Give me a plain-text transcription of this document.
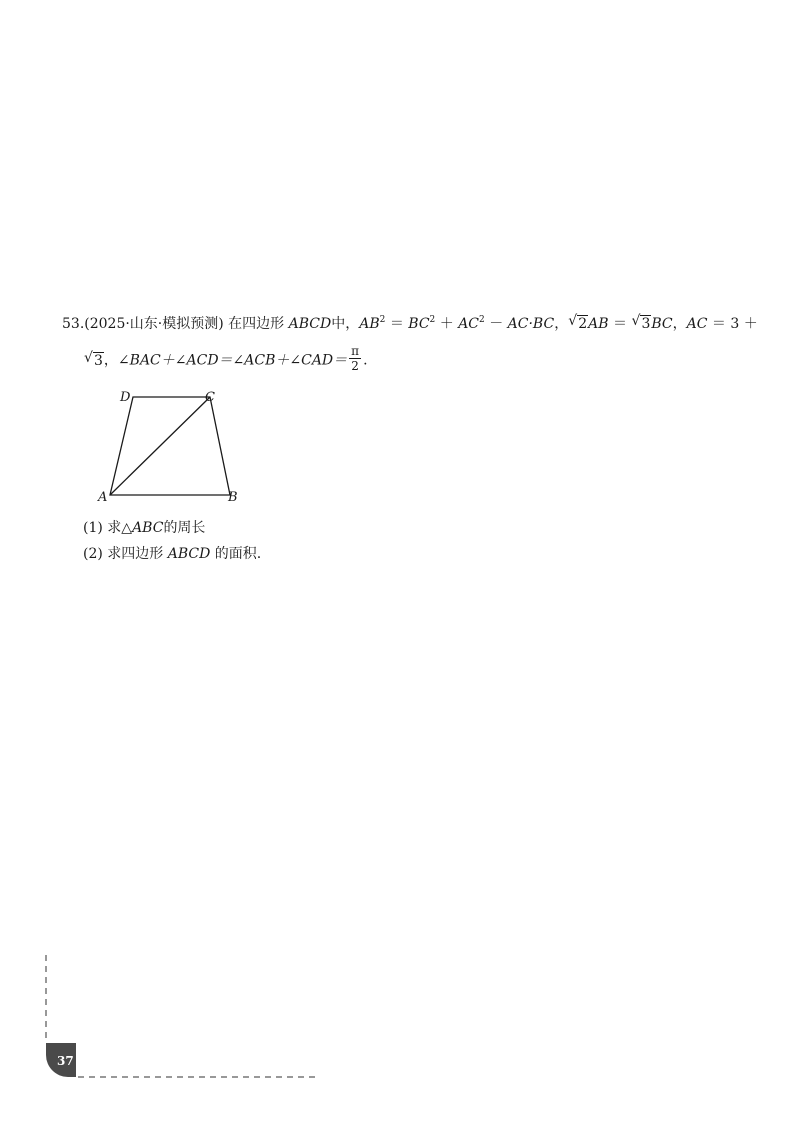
53.(2025·山东·模拟预测) 在四边形 ABCD中，$AB^2 = BC^2 + AC^2 - AC\cdot BC$， √ 2AB ＝ √ 3BC，AC ＝ 3 ＋
√ 3，∠BAC＋∠ACD＝∠ACB＋∠CAD＝ $\frac{\pi}{2}$ .
A	B
C
D
(1) 求△ABC的周长
(2) 求四边形 ABCD 的面积.
37
